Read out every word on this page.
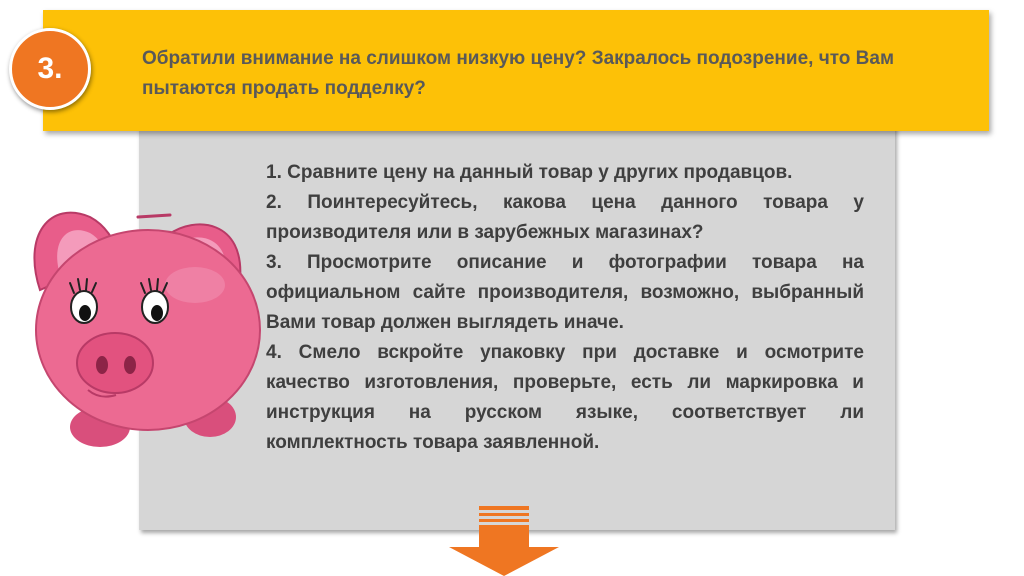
Обратили внимание на слишком низкую цену? Закралось подозрение, что Вам пытаются продать подделку?

3.
1. Сравните цену на данный товар у других продавцов.
2. Поинтересуйтесь, какова цена данного товара у производителя или в зарубежных магазинах?
3. Просмотрите описание и фотографии товара на официальном сайте производителя, возможно, выбранный Вами товар должен выглядеть иначе.
4. Смело вскройте упаковку при доставке и осмотрите качество изготовления, проверьте, есть ли маркировка и инструкция на русском языке, соответствует ли комплектность товара заявленной.
